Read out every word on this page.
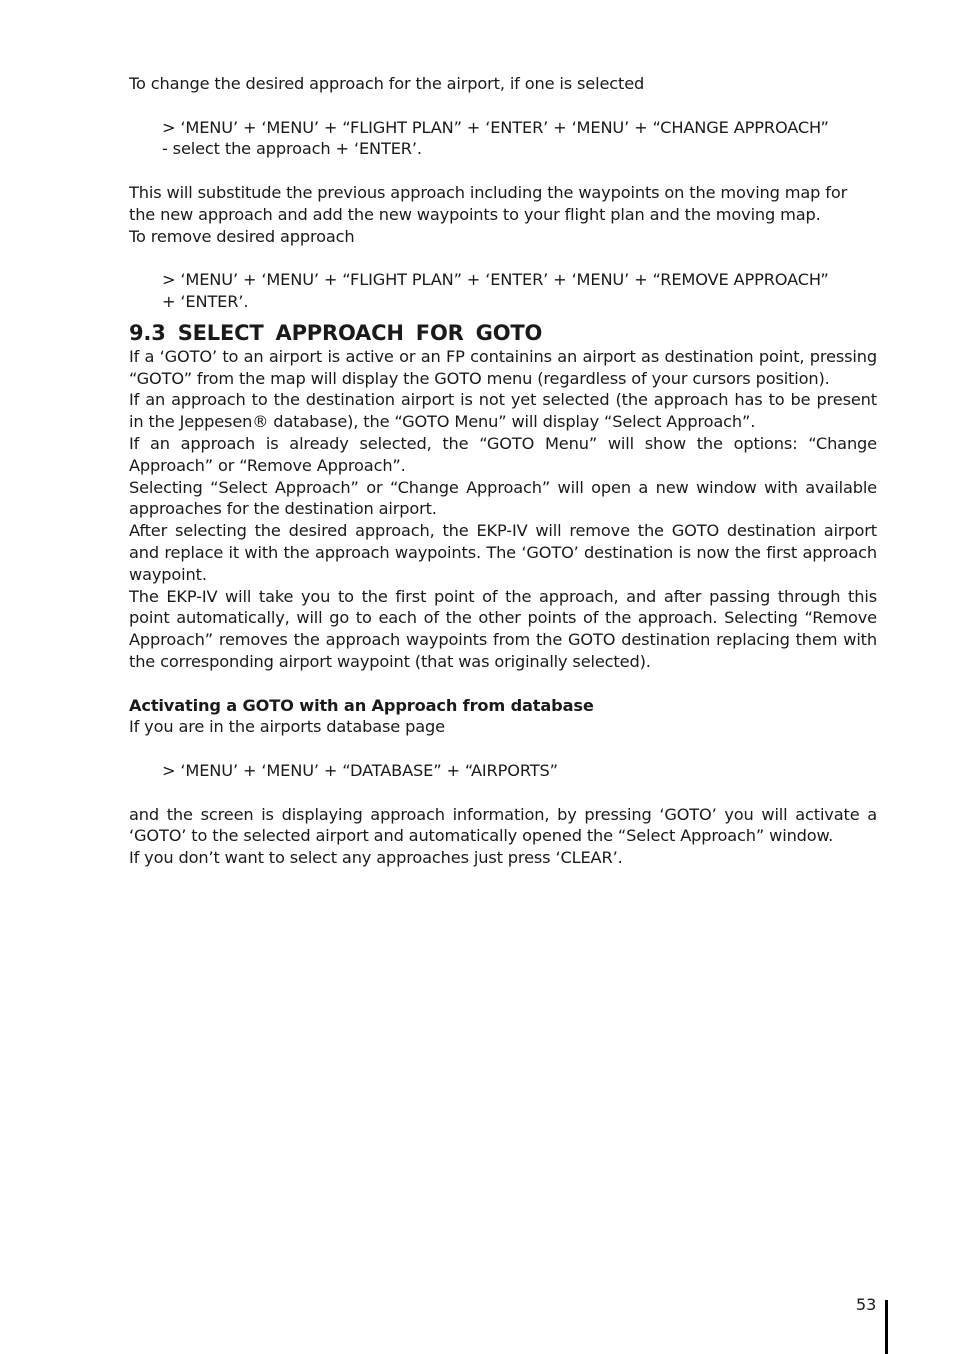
To change the desired approach for the airport, if one is selected

> ‘MENU’ + ‘MENU’ + “FLIGHT PLAN” + ‘ENTER’ + ‘MENU’ + “CHANGE APPROACH”

- select the approach + ‘ENTER’.

This will substitude the previous approach including the waypoints on the moving map for the new approach and add the new waypoints to your flight plan and the moving map.

To remove desired approach

> ‘MENU’ + ‘MENU’ + “FLIGHT PLAN” + ‘ENTER’ + ‘MENU’ + “REMOVE APPROACH”

+ ‘ENTER’.

9.3 SELECT APPROACH FOR GOTO

If a ‘GOTO’ to an airport is active or an FP containins an airport as destination point, pressing “GOTO” from the map will display the GOTO menu (regardless of your cursors position).

If an approach to the destination airport is not yet selected (the approach has to be present in the Jeppesen® database), the “GOTO Menu” will display “Select Approach”.

If an approach is already selected, the “GOTO Menu” will show the options: “Change Approach” or “Remove Approach”.

Selecting “Select Approach” or “Change Approach” will open a new window with available approaches for the destination airport.

After selecting the desired approach, the EKP-IV will remove the GOTO destination airport and replace it with the approach waypoints. The ‘GOTO’ destination is now the first approach waypoint.

The EKP-IV will take you to the first point of the approach, and after passing through this point automatically, will go to each of the other points of the approach. Selecting “Remove Approach” removes the approach waypoints from the GOTO destination replacing them with the corresponding airport waypoint (that was originally selected).

Activating a GOTO with an Approach from database

If you are in the airports database page

> ‘MENU’ + ‘MENU’ + “DATABASE” + “AIRPORTS”

and the screen is displaying approach information, by pressing ‘GOTO’ you will activate a ‘GOTO’ to the selected airport and automatically opened the “Select Approach” window.

If you don’t want to select any approaches just press ‘CLEAR’.

53
